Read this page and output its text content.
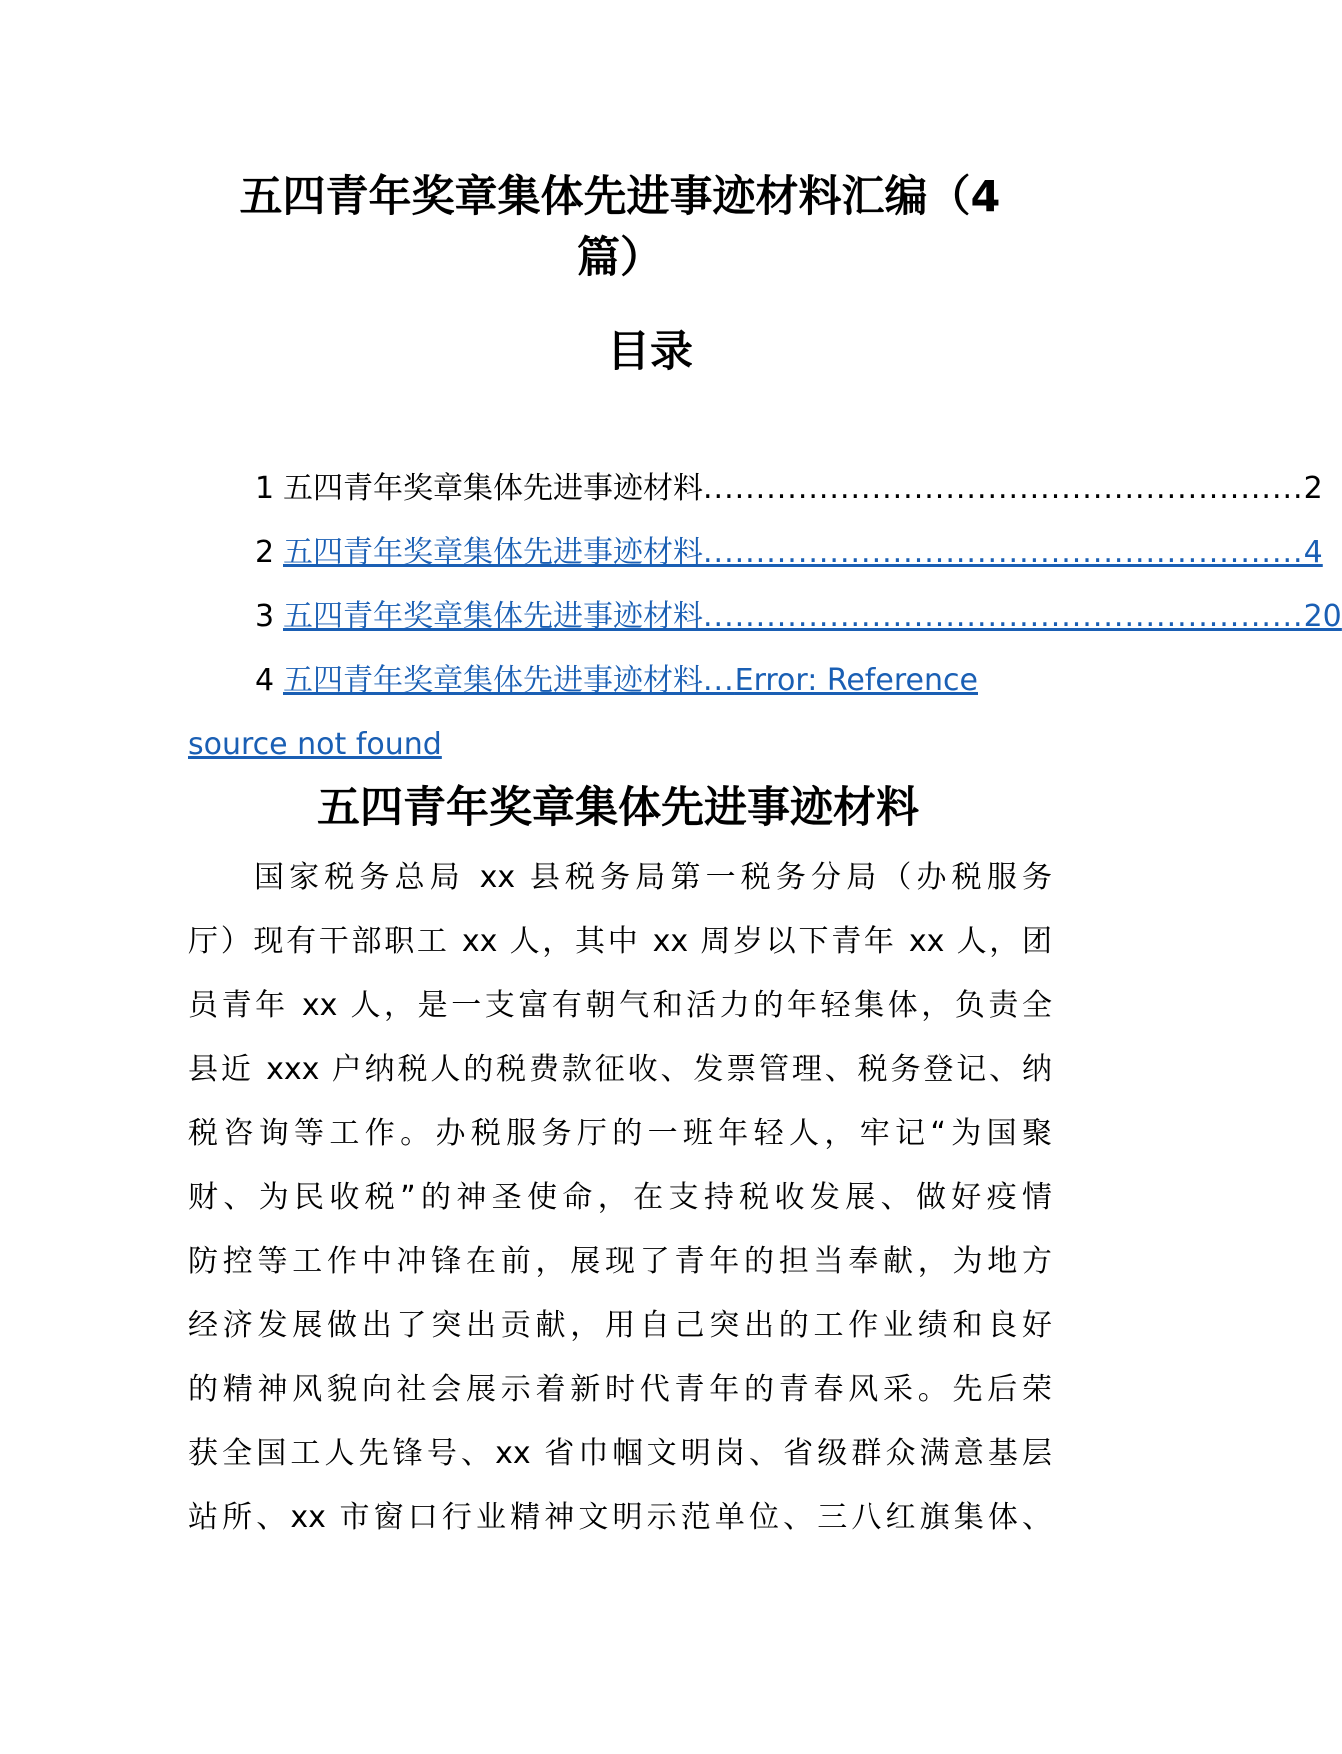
五四青年奖章集体先进事迹材料汇编（4
篇）
目录
1 五四青年奖章集体先进事迹材料 ......................................................... 2
2 五四青年奖章集体先进事迹材料 ......................................................... 4
3 五四青年奖章集体先进事迹材料 ......................................................... 20
4 五四青年奖章集体先进事迹材料 ... Error: Reference
source not found
五四青年奖章集体先进事迹材料
国家税务总局 xx 县税务局第一税务分局（办税服务
厅）现有干部职工 xx 人，其中 xx 周岁以下青年 xx 人，团
员青年 xx 人，是一支富有朝气和活力的年轻集体，负责全
县近 xxx 户纳税人的税费款征收、发票管理、税务登记、纳
税咨询等工作。办税服务厅的一班年轻人，牢记“为国聚
财、为民收税”的神圣使命，在支持税收发展、做好疫情
防控等工作中冲锋在前，展现了青年的担当奉献，为地方
经济发展做出了突出贡献，用自己突出的工作业绩和良好
的精神风貌向社会展示着新时代青年的青春风采。先后荣
获全国工人先锋号、xx 省巾帼文明岗、省级群众满意基层
站所、xx 市窗口行业精神文明示范单位、三八红旗集体、
